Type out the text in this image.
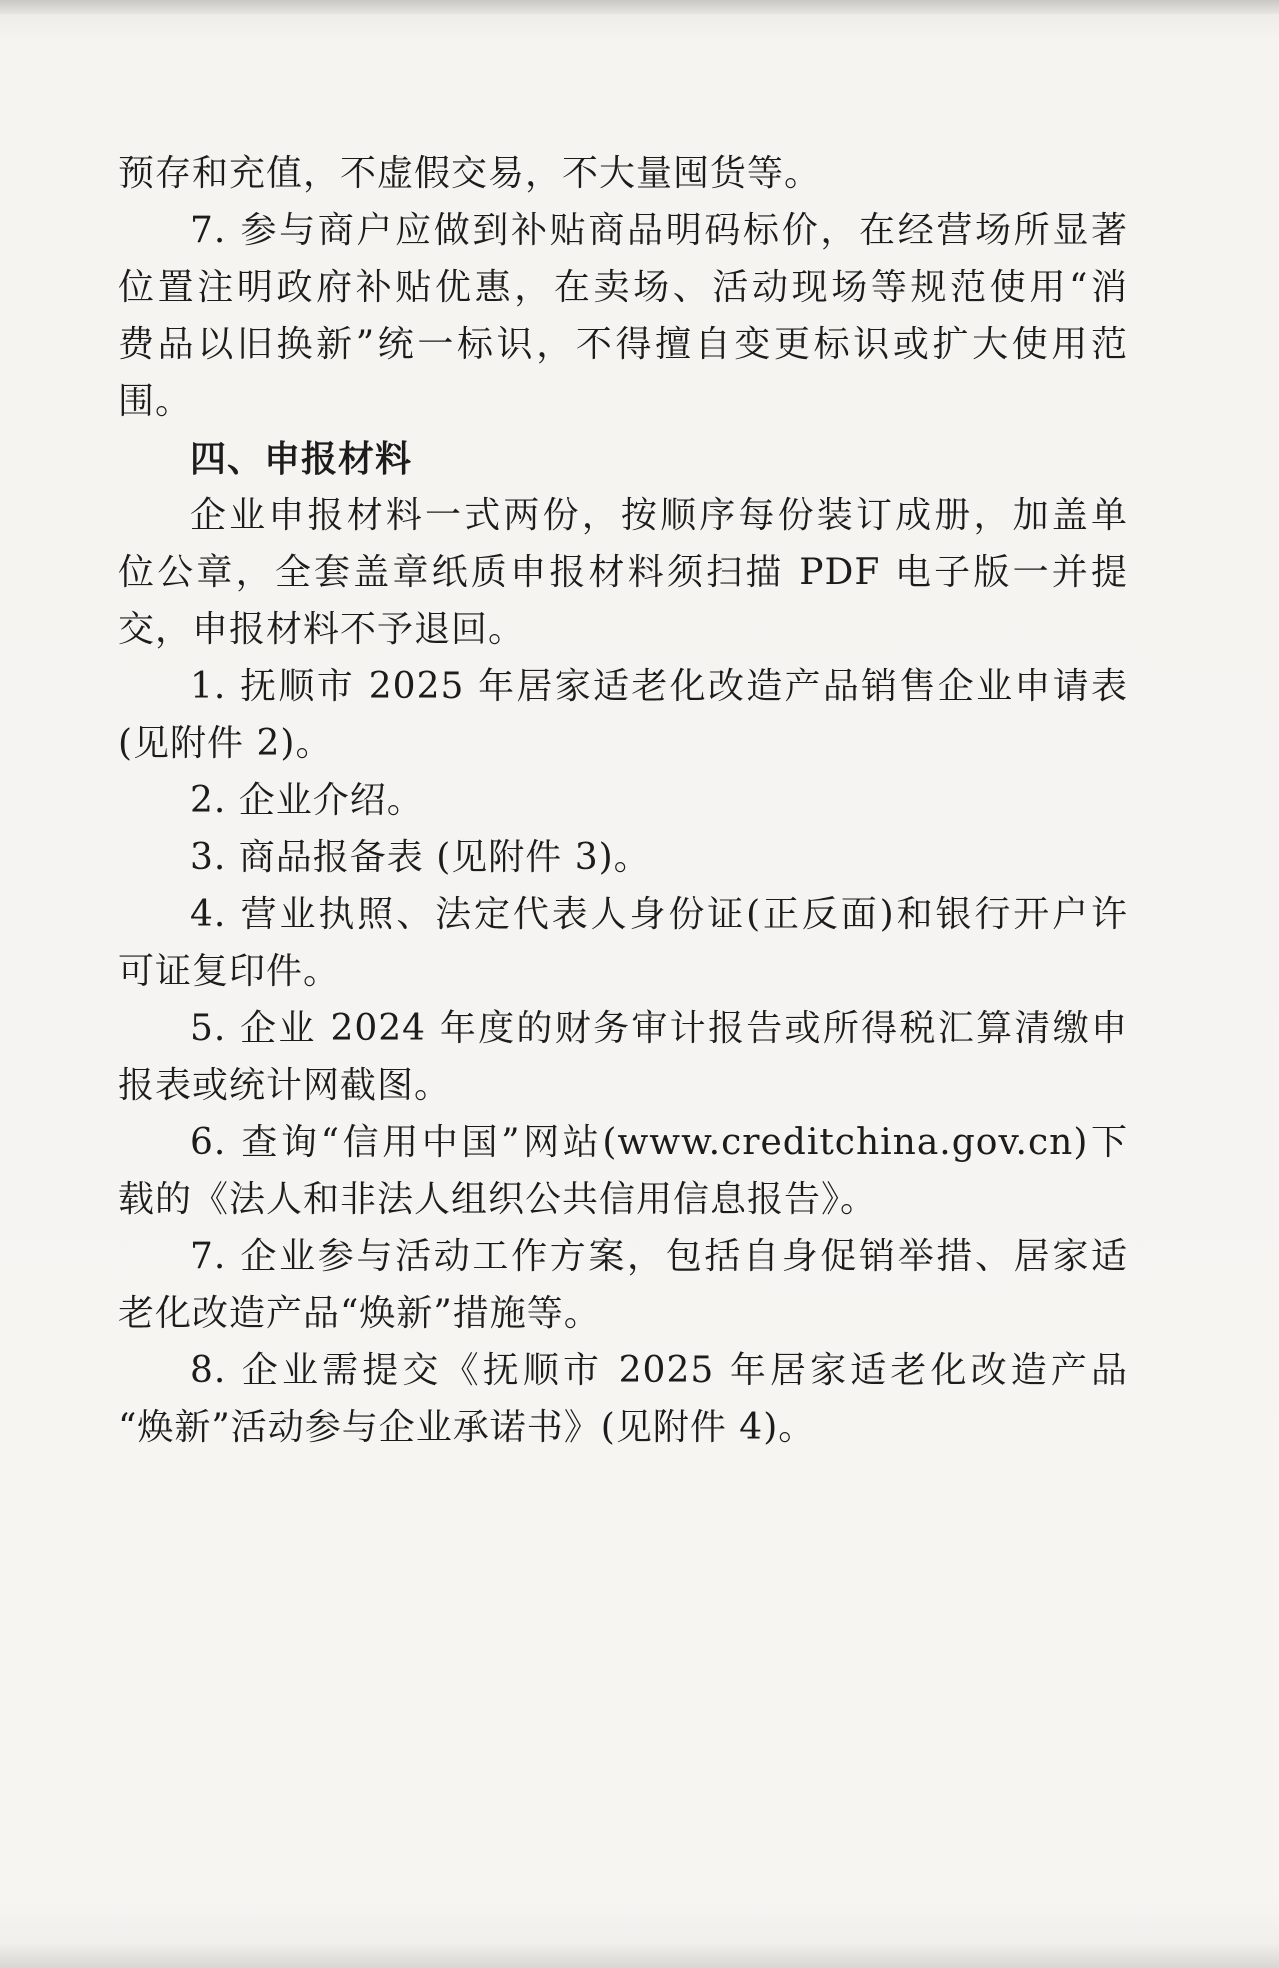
预存和充值，不虚假交易，不大量囤货等。
7. 参与商户应做到补贴商品明码标价，在经营场所显著
位置注明政府补贴优惠，在卖场、活动现场等规范使用“消
费品以旧换新”统一标识，不得擅自变更标识或扩大使用范
围。
四、申报材料
企业申报材料一式两份，按顺序每份装订成册，加盖单
位公章，全套盖章纸质申报材料须扫描 PDF 电子版一并提
交，申报材料不予退回。
1. 抚顺市 2025 年居家适老化改造产品销售企业申请表
(见附件 2)。
2. 企业介绍。
3. 商品报备表 (见附件 3)。
4. 营业执照、法定代表人身份证(正反面)和银行开户许
可证复印件。
5. 企业 2024 年度的财务审计报告或所得税汇算清缴申
报表或统计网截图。
6. 查询“信用中国”网站(www.creditchina.gov.cn)下
载的《法人和非法人组织公共信用信息报告》。
7. 企业参与活动工作方案，包括自身促销举措、居家适
老化改造产品“焕新”措施等。
8. 企业需提交《抚顺市 2025 年居家适老化改造产品
“焕新”活动参与企业承诺书》(见附件 4)。
